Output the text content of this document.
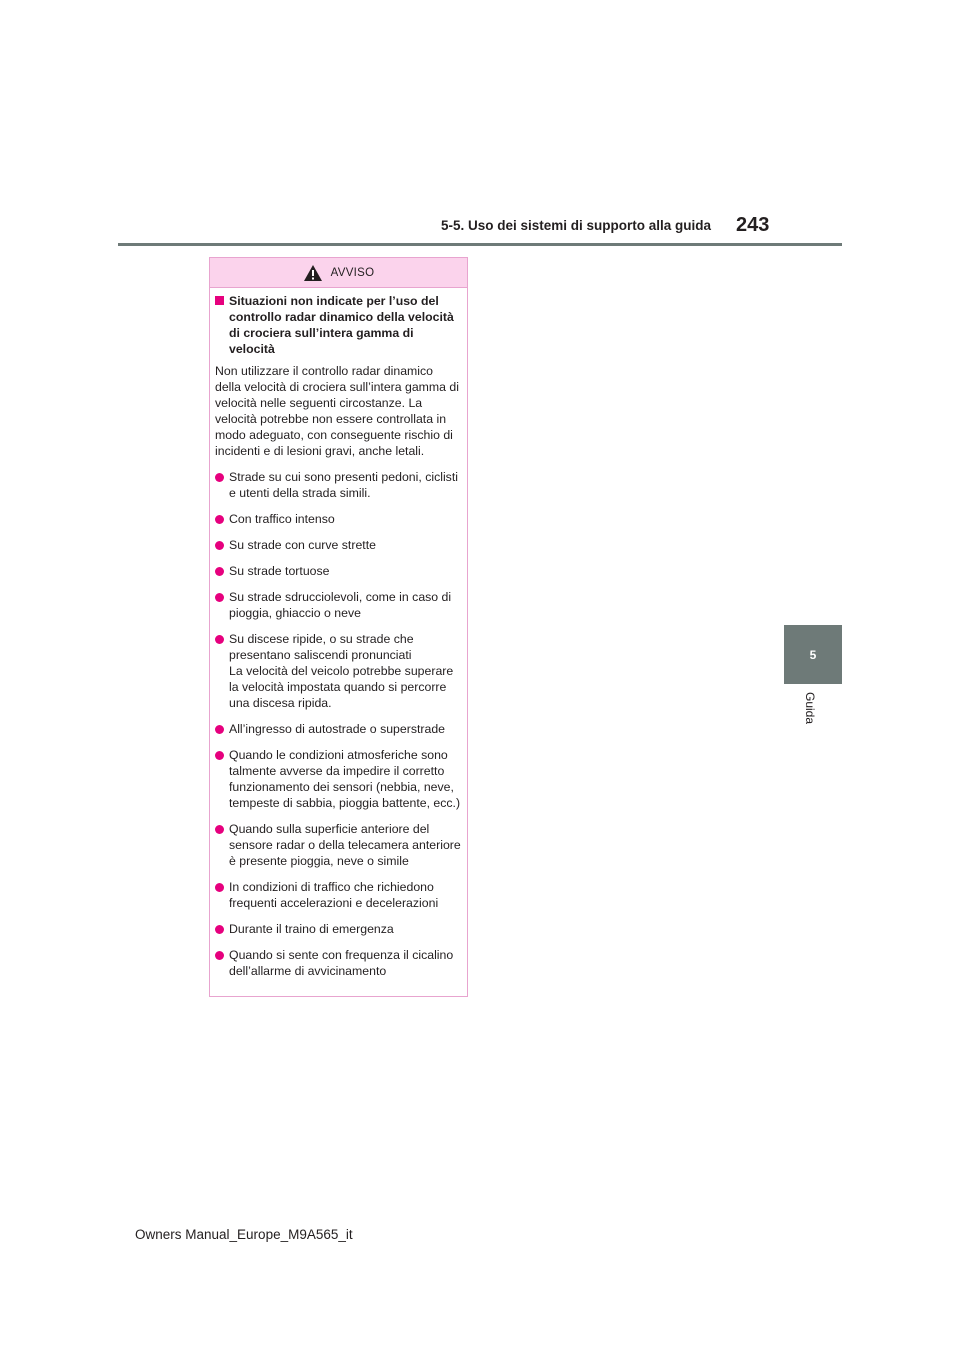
5-5. Uso dei sistemi di supporto alla guida 243
5
Guida
AVVISO
Situazioni non indicate per l’uso del controllo radar dinamico della velocità di crociera sull’intera gamma di velocità

Non utilizzare il controllo radar dinamico della velocità di crociera sull’intera gamma di velocità nelle seguenti circostanze. La velocità potrebbe non essere controllata in modo adeguato, con conseguente rischio di incidenti e di lesioni gravi, anche letali.

Strade su cui sono presenti pedoni, ciclisti e utenti della strada simili.
Con traffico intenso
Su strade con curve strette
Su strade tortuose
Su strade sdrucciolevoli, come in caso di pioggia, ghiaccio o neve
Su discese ripide, o su strade che presentano saliscendi pronunciati
La velocità del veicolo potrebbe superare la velocità impostata quando si percorre una discesa ripida.
All’ingresso di autostrade o superstrade
Quando le condizioni atmosferiche sono talmente avverse da impedire il corretto funzionamento dei sensori (nebbia, neve, tempeste di sabbia, pioggia battente, ecc.)
Quando sulla superficie anteriore del sensore radar o della telecamera anteriore è presente pioggia, neve o simile
In condizioni di traffico che richiedono frequenti accelerazioni e decelerazioni
Durante il traino di emergenza
Quando si sente con frequenza il cicalino dell’allarme di avvicinamento
Owners Manual_Europe_M9A565_it
